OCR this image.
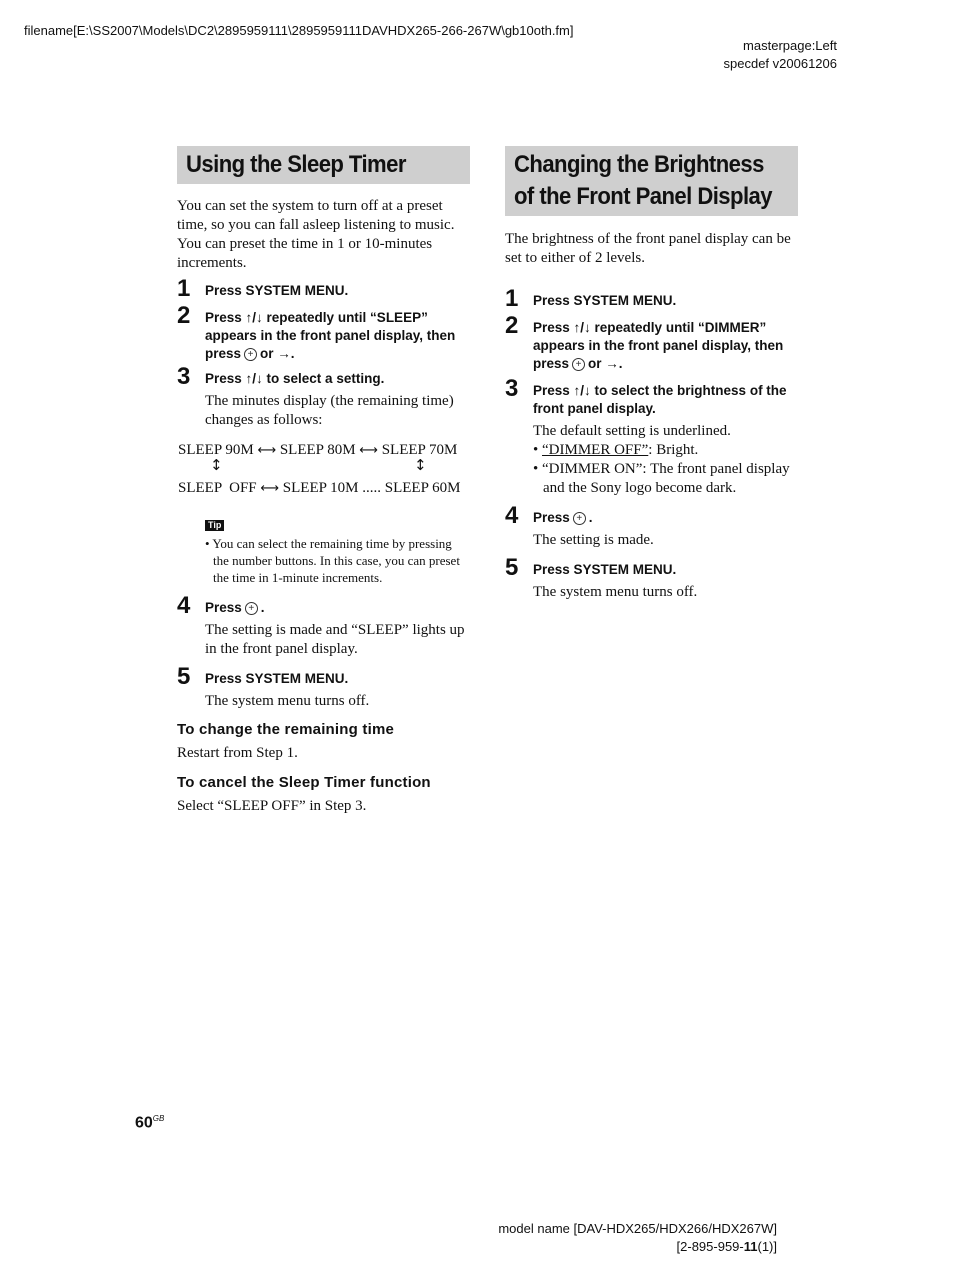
filename[E:\SS2007\Models\DC2\2895959111\2895959111DAVHDX265-266-267W\gb10oth.fm]
masterpage:Left
specdef v20061206
Using the Sleep Timer

You can set the system to turn off at a preset time, so you can fall asleep listening to music. You can preset the time in 1 or 10-minutes increments.

1 Press SYSTEM MENU.

2 Press ↑/↓ repeatedly until “SLEEP” appears in the front panel display, then press + or →.

3 Press ↑/↓ to select a setting.

The minutes display (the remaining time) changes as follows:

SLEEP 90M ⟷ SLEEP 80M ⟷ SLEEP 70M
↕	↕
SLEEP  OFF ⟷ SLEEP 10M ..... SLEEP 60M
Tip

• You can select the remaining time by pressing the number buttons. In this case, you can preset the time in 1-minute increments.

4 Press + .

The setting is made and “SLEEP” lights up in the front panel display.

5 Press SYSTEM MENU.

The system menu turns off.

To change the remaining time

Restart from Step 1.

To cancel the Sleep Timer function

Select “SLEEP OFF” in Step 3.

Changing the Brightness
of the Front Panel Display

The brightness of the front panel display can be set to either of 2 levels.

1 Press SYSTEM MENU.

2 Press ↑/↓ repeatedly until “DIMMER” appears in the front panel display, then press + or →.

3 Press ↑/↓ to select the brightness of the front panel display.

The default setting is underlined.

• “DIMMER OFF”: Bright.

• “DIMMER ON”: The front panel display and the Sony logo become dark.

4 Press + .

The setting is made.

5 Press SYSTEM MENU.

The system menu turns off.

$60^{GB}$
model name [DAV-HDX265/HDX266/HDX267W]
[2-895-959-11(1)]
